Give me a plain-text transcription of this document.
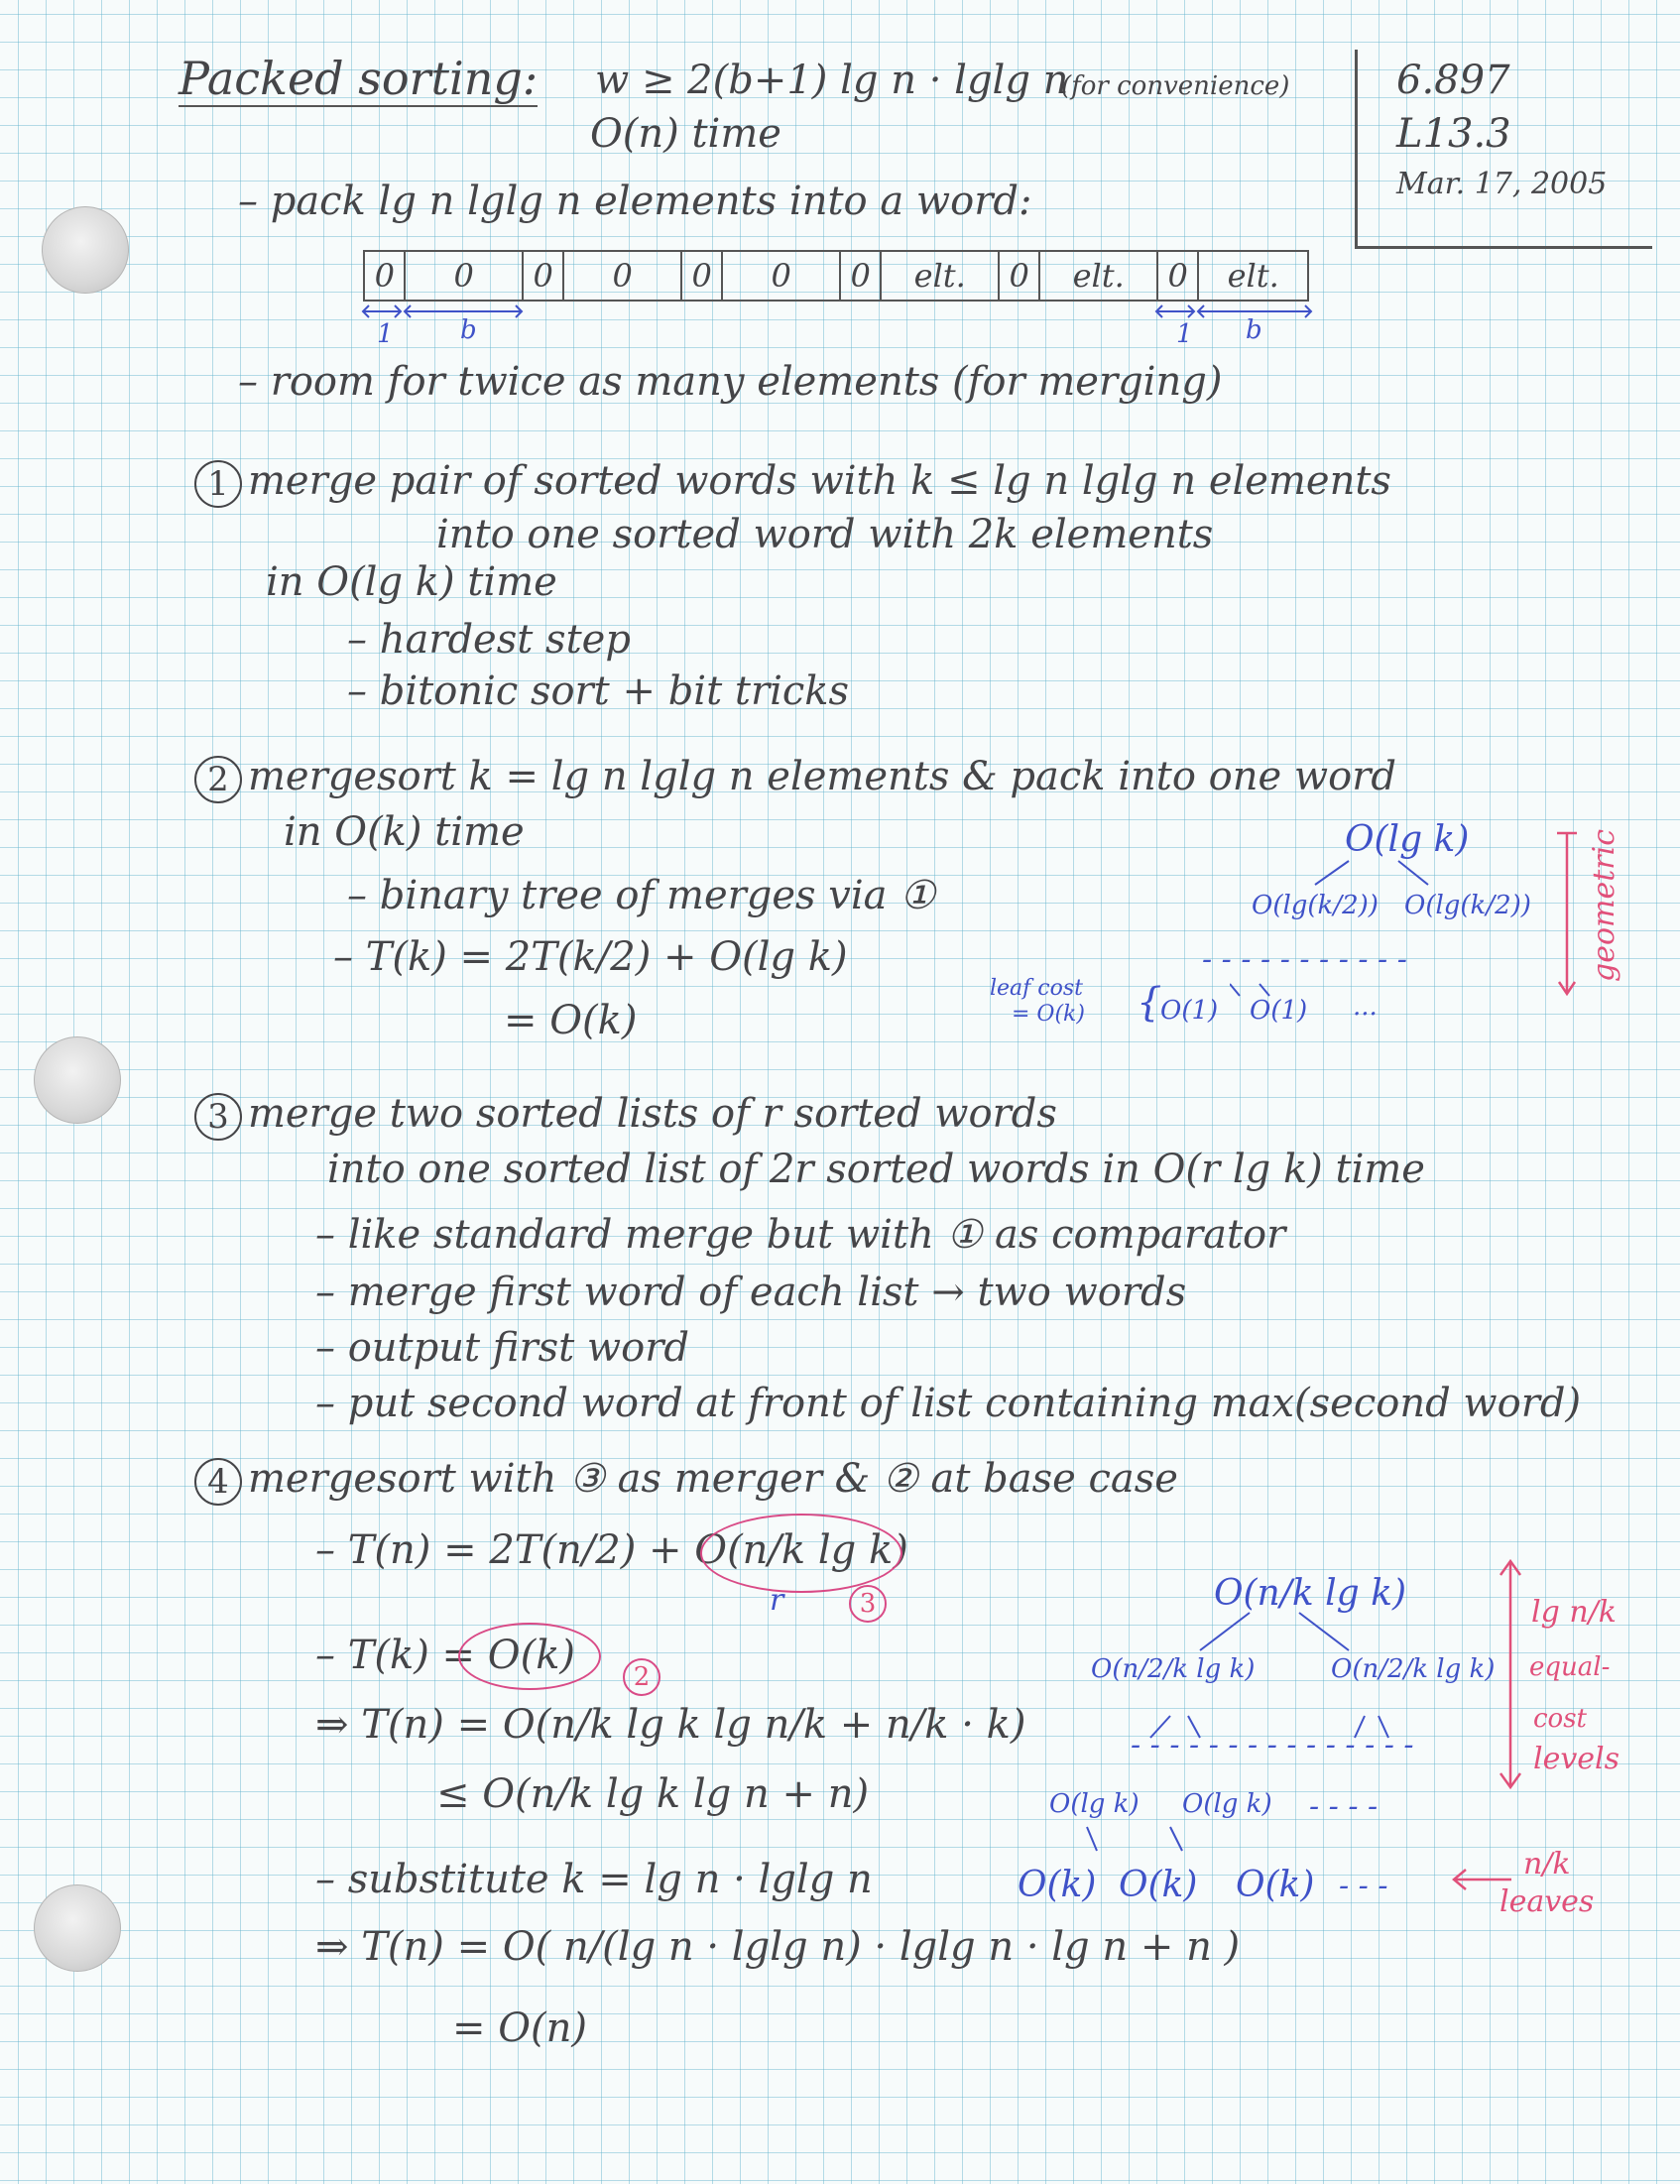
Packed sorting: w ≥ 2(b+1) lg n · lglg n
(for convenience)
O(n) time
6.897
L13.3
Mar. 17, 2005
– pack lg n lglg n elements into a word:
0	0	0	0	0	0	0	elt.	0	elt.	0	elt.
1	b	1 b
– room for twice as many elements (for merging)
1 merge pair of sorted words with k ≤ lg n lglg n elements
into one sorted word with 2k elements
in O(lg k) time
– hardest step
– bitonic sort + bit tricks
2 mergesort k = lg n lglg n elements & pack into one word
in O(k) time
– binary tree of merges via ①
– T(k) = 2T(k/2) + O(lg k)
= O(k)
O(lg k)
O(lg(k/2)) O(lg(k/2))
- - - - - - - - - - -
leaf cost
= O(k) {
O(1) O(1) ...
geometric
3 merge two sorted lists of r sorted words
into one sorted list of 2r sorted words in O(r lg k) time
– like standard merge but with ① as comparator
– merge first word of each list → two words
– output first word
– put second word at front of list containing max(second word)
4 mergesort with ③ as merger & ② at base case
– T(n) = 2T(n/2) + O(n/k lg k)
r	3
– T(k) = O(k)	2
⇒ T(n) = O(n/k lg k lg n/k + n/k · k)
≤ O(n/k lg k lg n + n)
– substitute k = lg n · lglg n
⇒ T(n) = O( n/(lg n · lglg n) · lglg n · lg n + n )
= O(n)
O(n/k lg k)
O(n/2/k lg k)	O(n/2/k lg k)
- - - - - - - - - - - - - - -
O(lg k) O(lg k) - - - -
O(k) O(k) O(k) - - -
lg n/k
equal-
cost
levels
n/k
leaves
